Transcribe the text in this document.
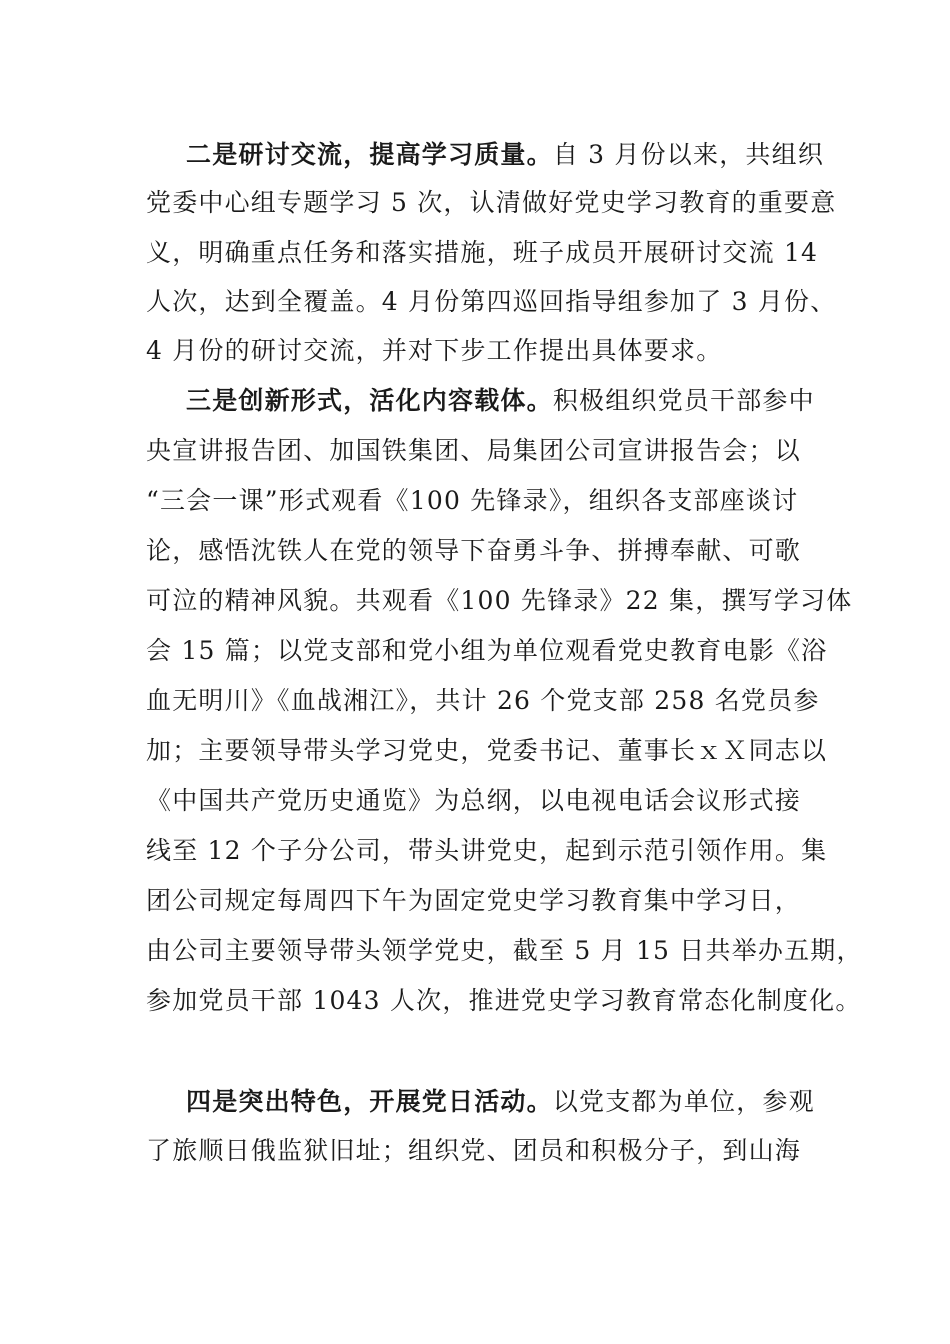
二是研讨交流，提高学习质量。自 3 月份以来，共组织
党委中心组专题学习 5 次，认清做好党史学习教育的重要意
义，明确重点任务和落实措施，班子成员开展研讨交流 14
人次，达到全覆盖。4 月份第四巡回指导组参加了 3 月份、
4 月份的研讨交流，并对下步工作提出具体要求。
三是创新形式，活化内容载体。积极组织党员干部参中
央宣讲报告团、加国铁集团、局集团公司宣讲报告会；以
“三会一课”形式观看《100 先锋录》，组织各支部座谈讨
论，感悟沈铁人在党的领导下奋勇斗争、拼搏奉献、可歌
可泣的精神风貌。共观看《100 先锋录》22 集，撰写学习体
会 15 篇；以党支部和党小组为单位观看党史教育电影《浴
血无明川》《血战湘江》，共计 26 个党支部 258 名党员参
加；主要领导带头学习党史，党委书记、董事长ｘＸ同志以
《中国共产党历史通览》为总纲，以电视电话会议形式接
线至 12 个子分公司，带头讲党史，起到示范引领作用。集
团公司规定每周四下午为固定党史学习教育集中学习日，
由公司主要领导带头领学党史，截至 5 月 15 日共举办五期，
参加党员干部 1043 人次，推进党史学习教育常态化制度化。
四是突出特色，开展党日活动。以党支都为单位，参观
了旅顺日俄监狱旧址；组织党、团员和积极分子，到山海
